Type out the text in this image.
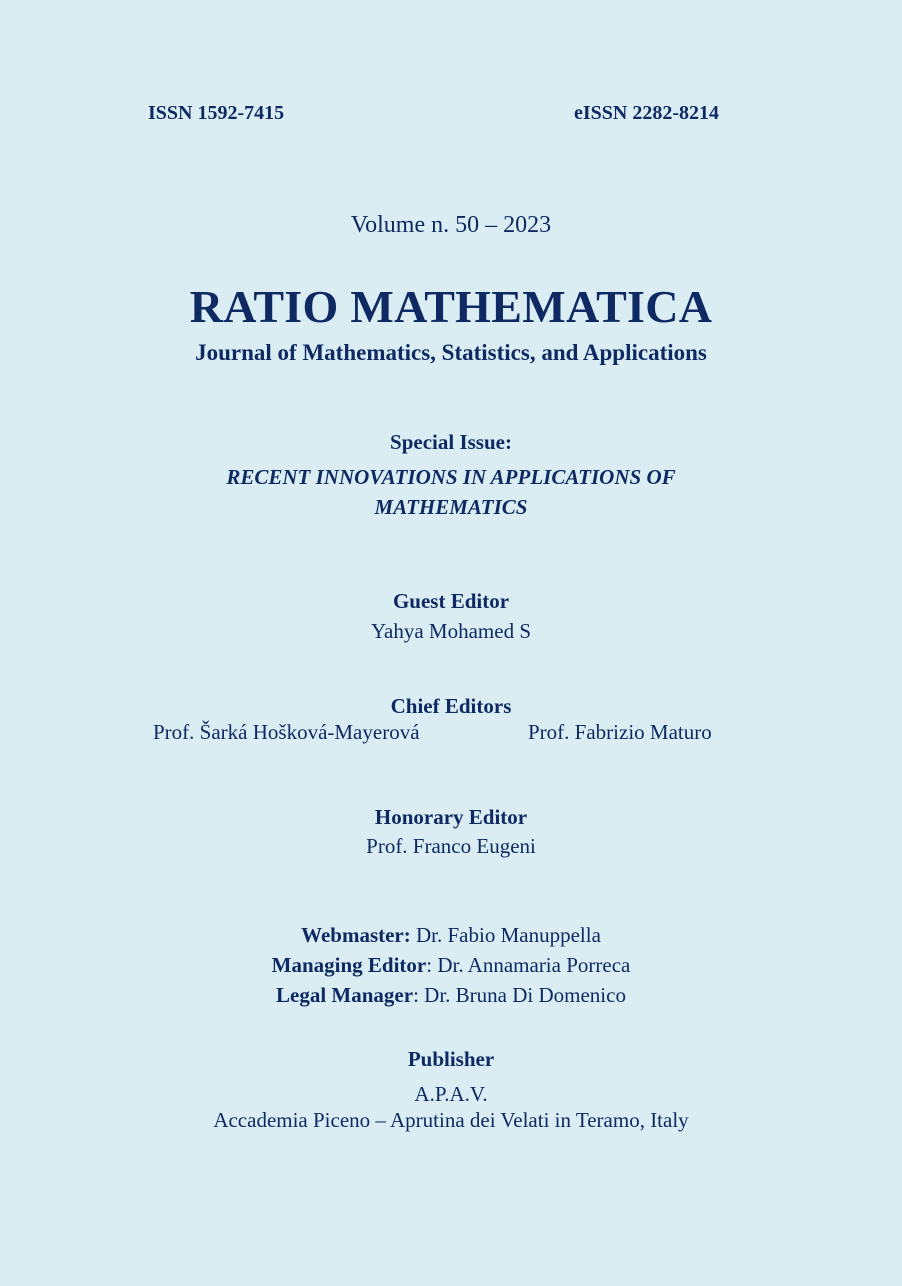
ISSN 1592-7415	eISSN 2282-8214
Volume n. 50 – 2023
RATIO MATHEMATICA
Journal of Mathematics, Statistics, and Applications
Special Issue:
RECENT INNOVATIONS IN APPLICATIONS OF
MATHEMATICS
Guest Editor
Yahya Mohamed S
Chief Editors
Prof. Šarká Hošková-Mayerová	Prof. Fabrizio Maturo
Honorary Editor
Prof. Franco Eugeni
Webmaster: Dr. Fabio Manuppella
Managing Editor: Dr. Annamaria Porreca
Legal Manager: Dr. Bruna Di Domenico
Publisher
A.P.A.V.
Accademia Piceno – Aprutina dei Velati in Teramo, Italy
